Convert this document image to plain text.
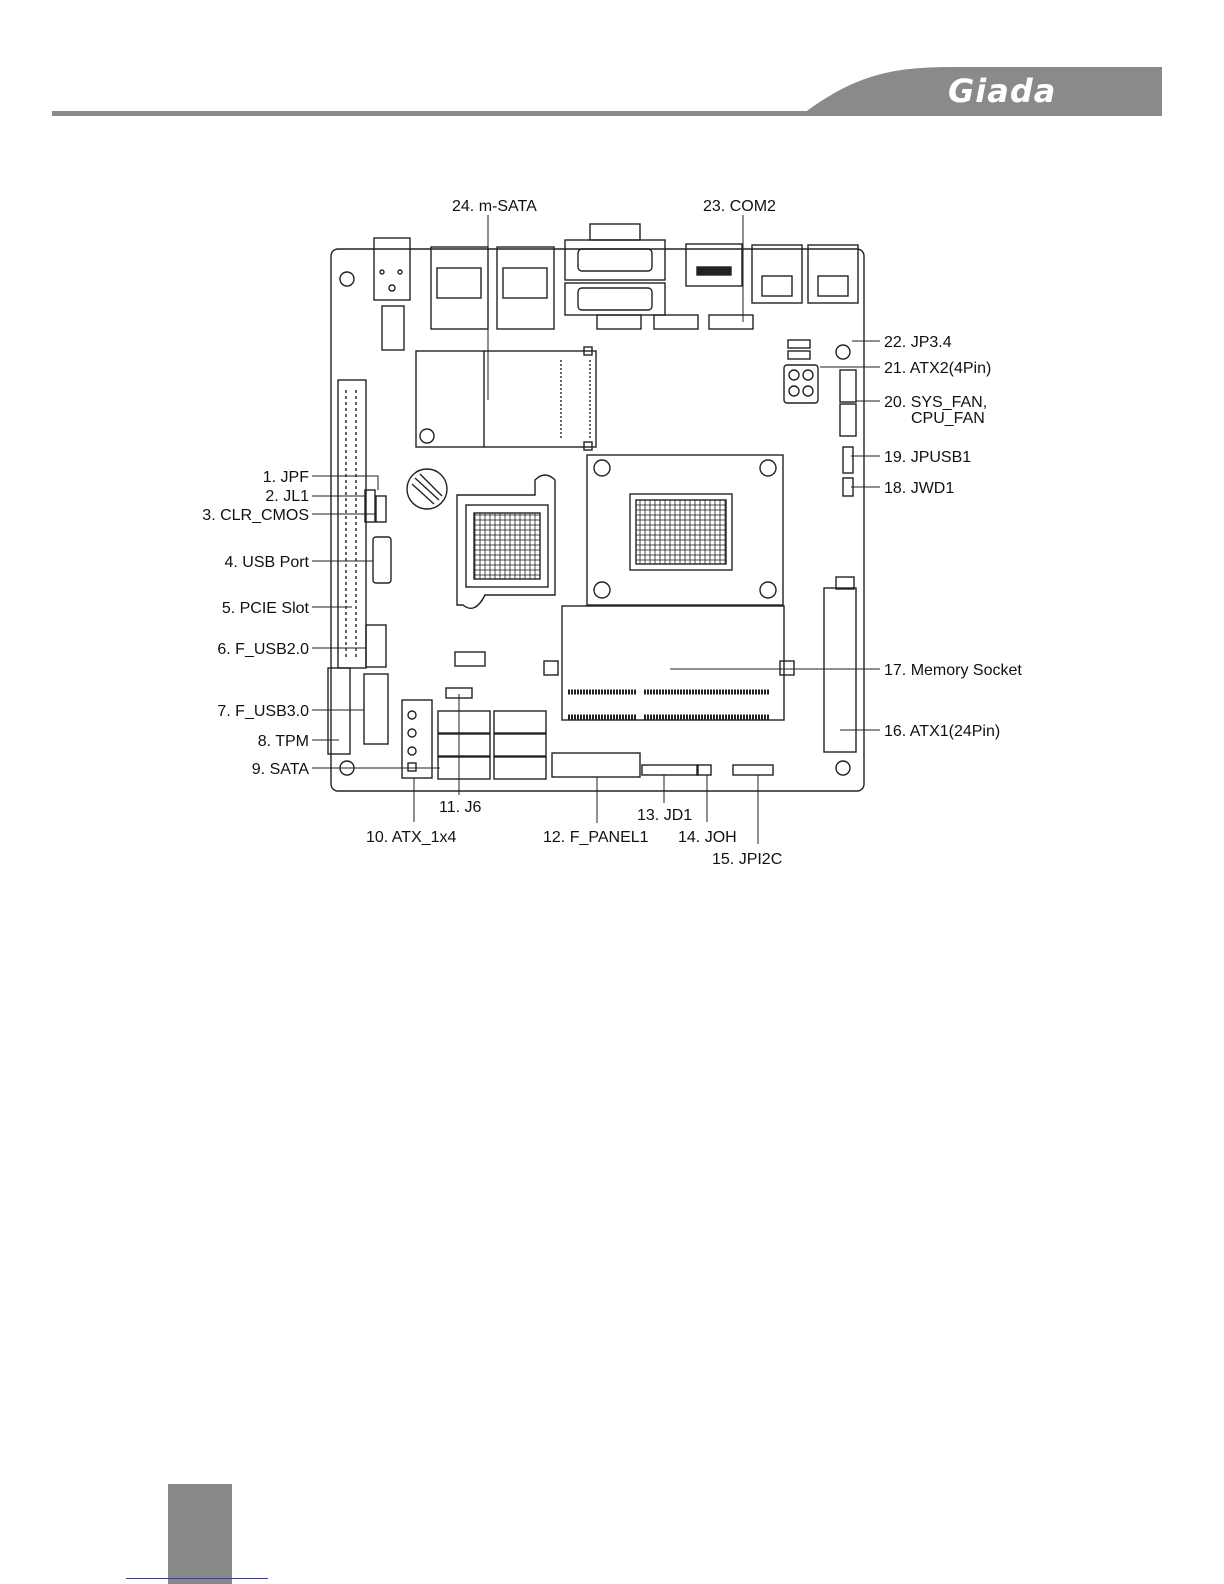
Giada
1. JPF
2. JL1
3. CLR_CMOS
4. USB Port
5. PCIE Slot
6. F_USB2.0
7. F_USB3.0
8. TPM
9. SATA
10. ATX_1x4
11. J6
12. F_PANEL1
13. JD1
14. JOH
15. JPI2C
16. ATX1(24Pin)
17. Memory Socket
18. JWD1
19. JPUSB1
20. SYS_FAN,
CPU_FAN
21. ATX2(4Pin)
22. JP3.4
23. COM2
24. m-SATA
